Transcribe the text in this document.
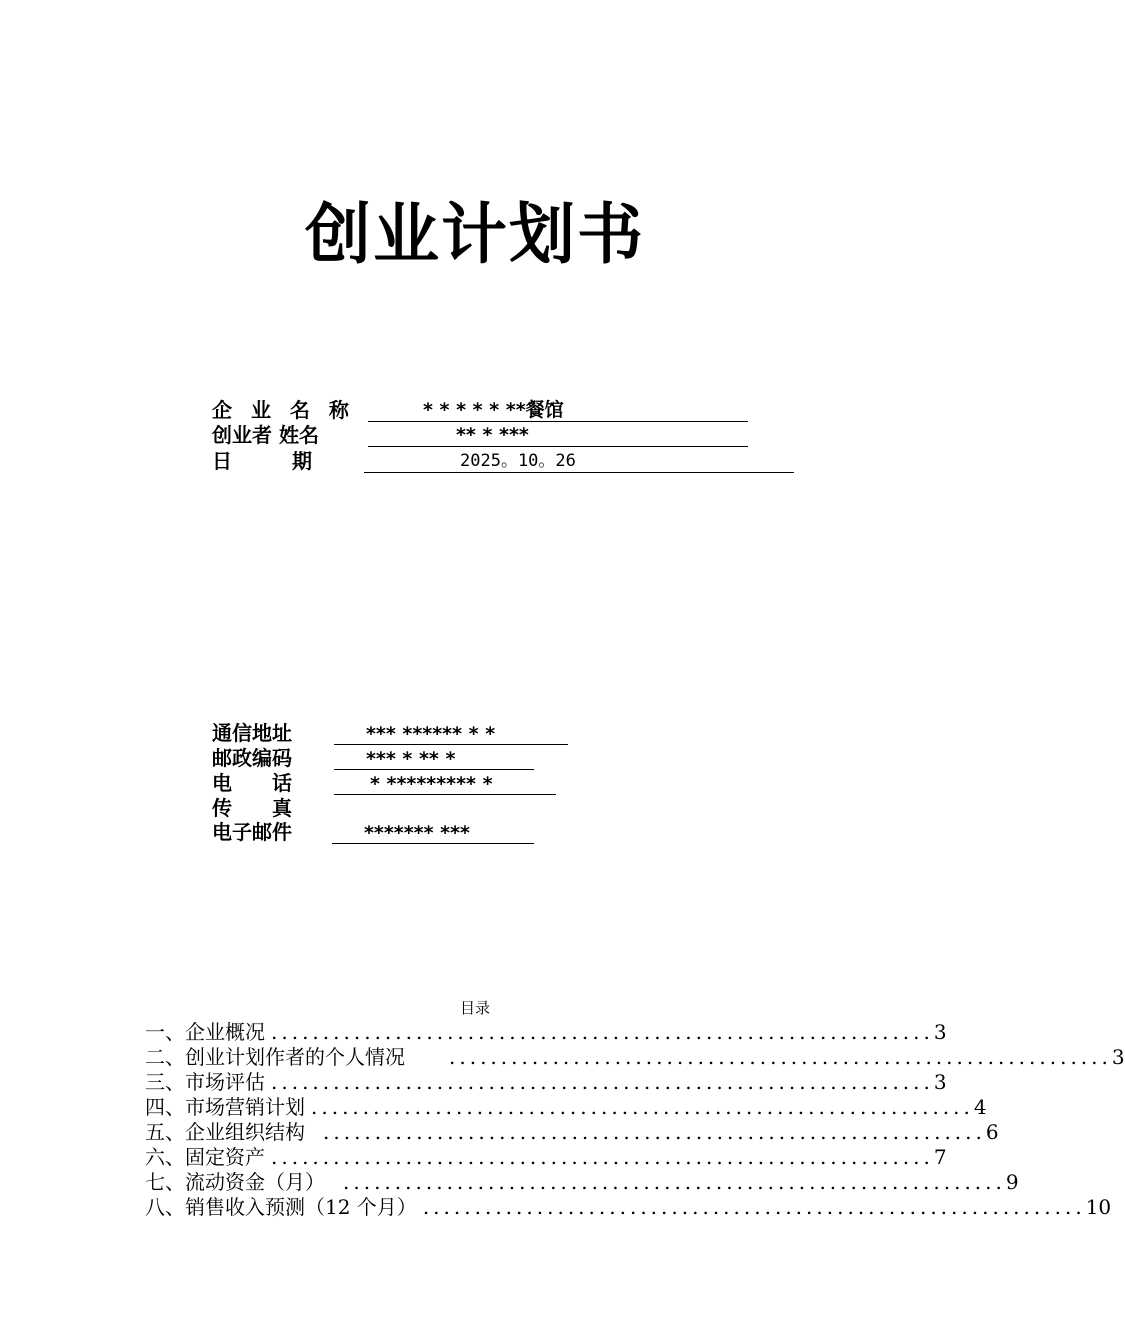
创业计划书
企 业 名 称	* * * * * **餐馆
创业者 姓名	** * ***
日　　　期	2025。10。26
通信地址	*** ****** * *
邮政编码	*** * ** *
电　　话	* ********* *
传　　真
电子邮件	******* ***
目录
一、企业概况 ................................................................ 3
二、创业计划作者的个人情况 ................................................................ 3
三、市场评估 ................................................................ 3
四、市场营销计划 ................................................................ 4
五、企业组织结构 ................................................................ 6
六、固定资产 ................................................................ 7
七、流动资金（月） ................................................................ 9
八、销售收入预测（12 个月） ................................................................ 10
